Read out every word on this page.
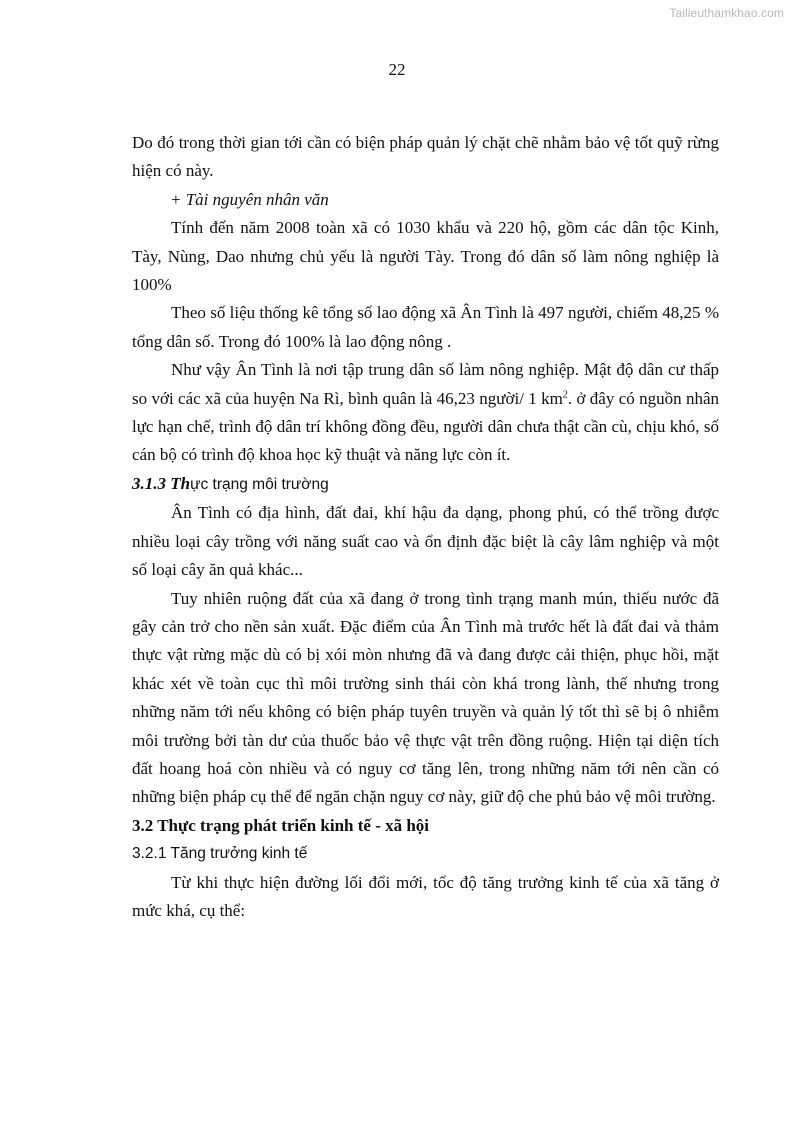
Tailieuthamkhao.com
22

Do đó trong thời gian tới cần có biện pháp quản lý chặt chẽ nhằm bảo vệ tốt quỹ rừng hiện có này.

+ Tài nguyên nhân văn

Tính đến năm 2008 toàn xã có 1030 khẩu và 220 hộ, gồm các dân tộc Kinh, Tày, Nùng, Dao nhưng chủ yếu là người Tày. Trong đó dân số làm nông nghiệp là 100%

Theo số liệu thống kê tổng số lao động xã Ân Tình là 497 người, chiếm 48,25 % tổng dân số. Trong đó 100% là lao động nông .

Như vậy Ân Tình là nơi tập trung dân số làm nông nghiệp. Mật độ dân cư thấp so với các xã của huyện Na Rì, bình quân là 46,23 người/ 1 $km^2$. ở đây có nguồn nhân lực hạn chế, trình độ dân trí không đồng đều, người dân chưa thật cần cù, chịu khó, số cán bộ có trình độ khoa học kỹ thuật và năng lực còn ít.

3.1.3 Thực trạng môi trường

Ân Tình có địa hình, đất đai, khí hậu đa dạng, phong phú, có thể trồng được nhiều loại cây trồng với năng suất cao và ổn định đặc biệt là cây lâm nghiệp và một số loại cây ăn quả khác...

Tuy nhiên ruộng đất của xã đang ở trong tình trạng manh mún, thiếu nước đã gây cản trở cho nền sản xuất. Đặc điểm của Ân Tình mà trước hết là đất đai và thảm thực vật rừng mặc dù có bị xói mòn nhưng đã và đang được cải thiện, phục hồi, mặt khác xét về toàn cục thì môi trường sinh thái còn khá trong lành, thế nhưng trong những năm tới nếu không có biện pháp tuyên truyền và quản lý tốt thì sẽ bị ô nhiễm môi trường bởi tàn dư của thuốc bảo vệ thực vật trên đồng ruộng. Hiện tại diện tích đất hoang hoá còn nhiều và có nguy cơ tăng lên, trong những năm tới nên cần có những biện pháp cụ thể để ngăn chặn nguy cơ này, giữ độ che phủ bảo vệ môi trường.

3.2 Thực trạng phát triển kinh tế - xã hội

3.2.1 Tăng trưởng kinh tế

Từ khi thực hiện đường lối đổi mới, tốc độ tăng trưởng kinh tế của xã tăng ở mức khá, cụ thể:
